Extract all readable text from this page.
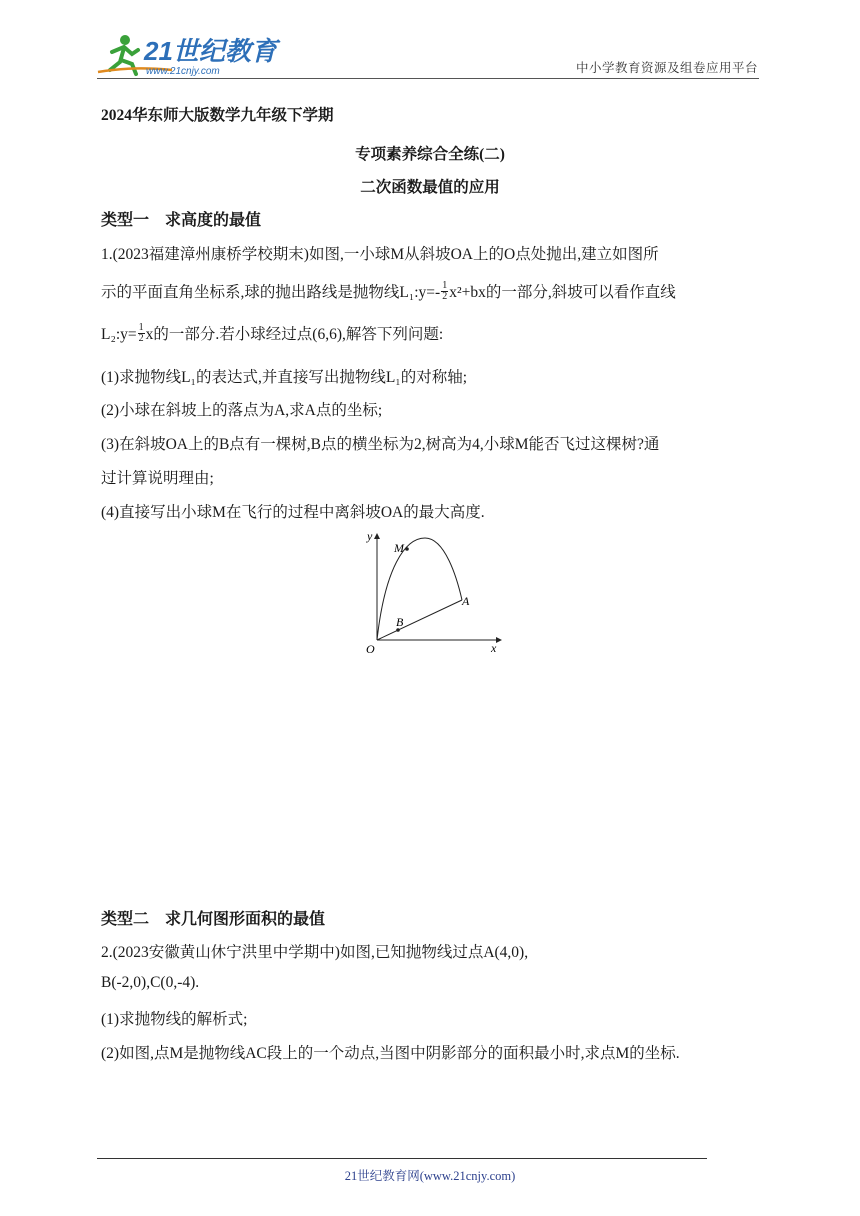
21世纪教育
www.21cnjy.com	中小学教育资源及组卷应用平台
2024华东师大版数学九年级下学期
专项素养综合全练(二)
二次函数最值的应用
类型一　求高度的最值
1.(2023福建漳州康桥学校期末)如图,一小球M从斜坡OA上的O点处抛出,建立如图所
示的平面直角坐标系,球的抛出路线是抛物线L₁:y=- $\frac{1}{2} x^2+bx$的一部分,斜坡可以看作直线
L₂:y= $\frac{1}{2}$ x的一部分.若小球经过点(6,6),解答下列问题:
(1)求抛物线L₁的表达式,并直接写出抛物线L₁的对称轴;
(2)小球在斜坡上的落点为A,求A点的坐标;
(3)在斜坡OA上的B点有一棵树,B点的横坐标为2,树高为4,小球M能否飞过这棵树?通
过计算说明理由;
(4)直接写出小球M在飞行的过程中离斜坡OA的最大高度.
y
x
O
M
A
B
类型二　求几何图形面积的最值
2.(2023安徽黄山休宁洪里中学期中)如图,已知抛物线过点A(4,0),
B(-2,0),C(0,-4).
(1)求抛物线的解析式;
(2)如图,点M是抛物线AC段上的一个动点,当图中阴影部分的面积最小时,求点M的坐标.
21世纪教育网(www.21cnjy.com)
